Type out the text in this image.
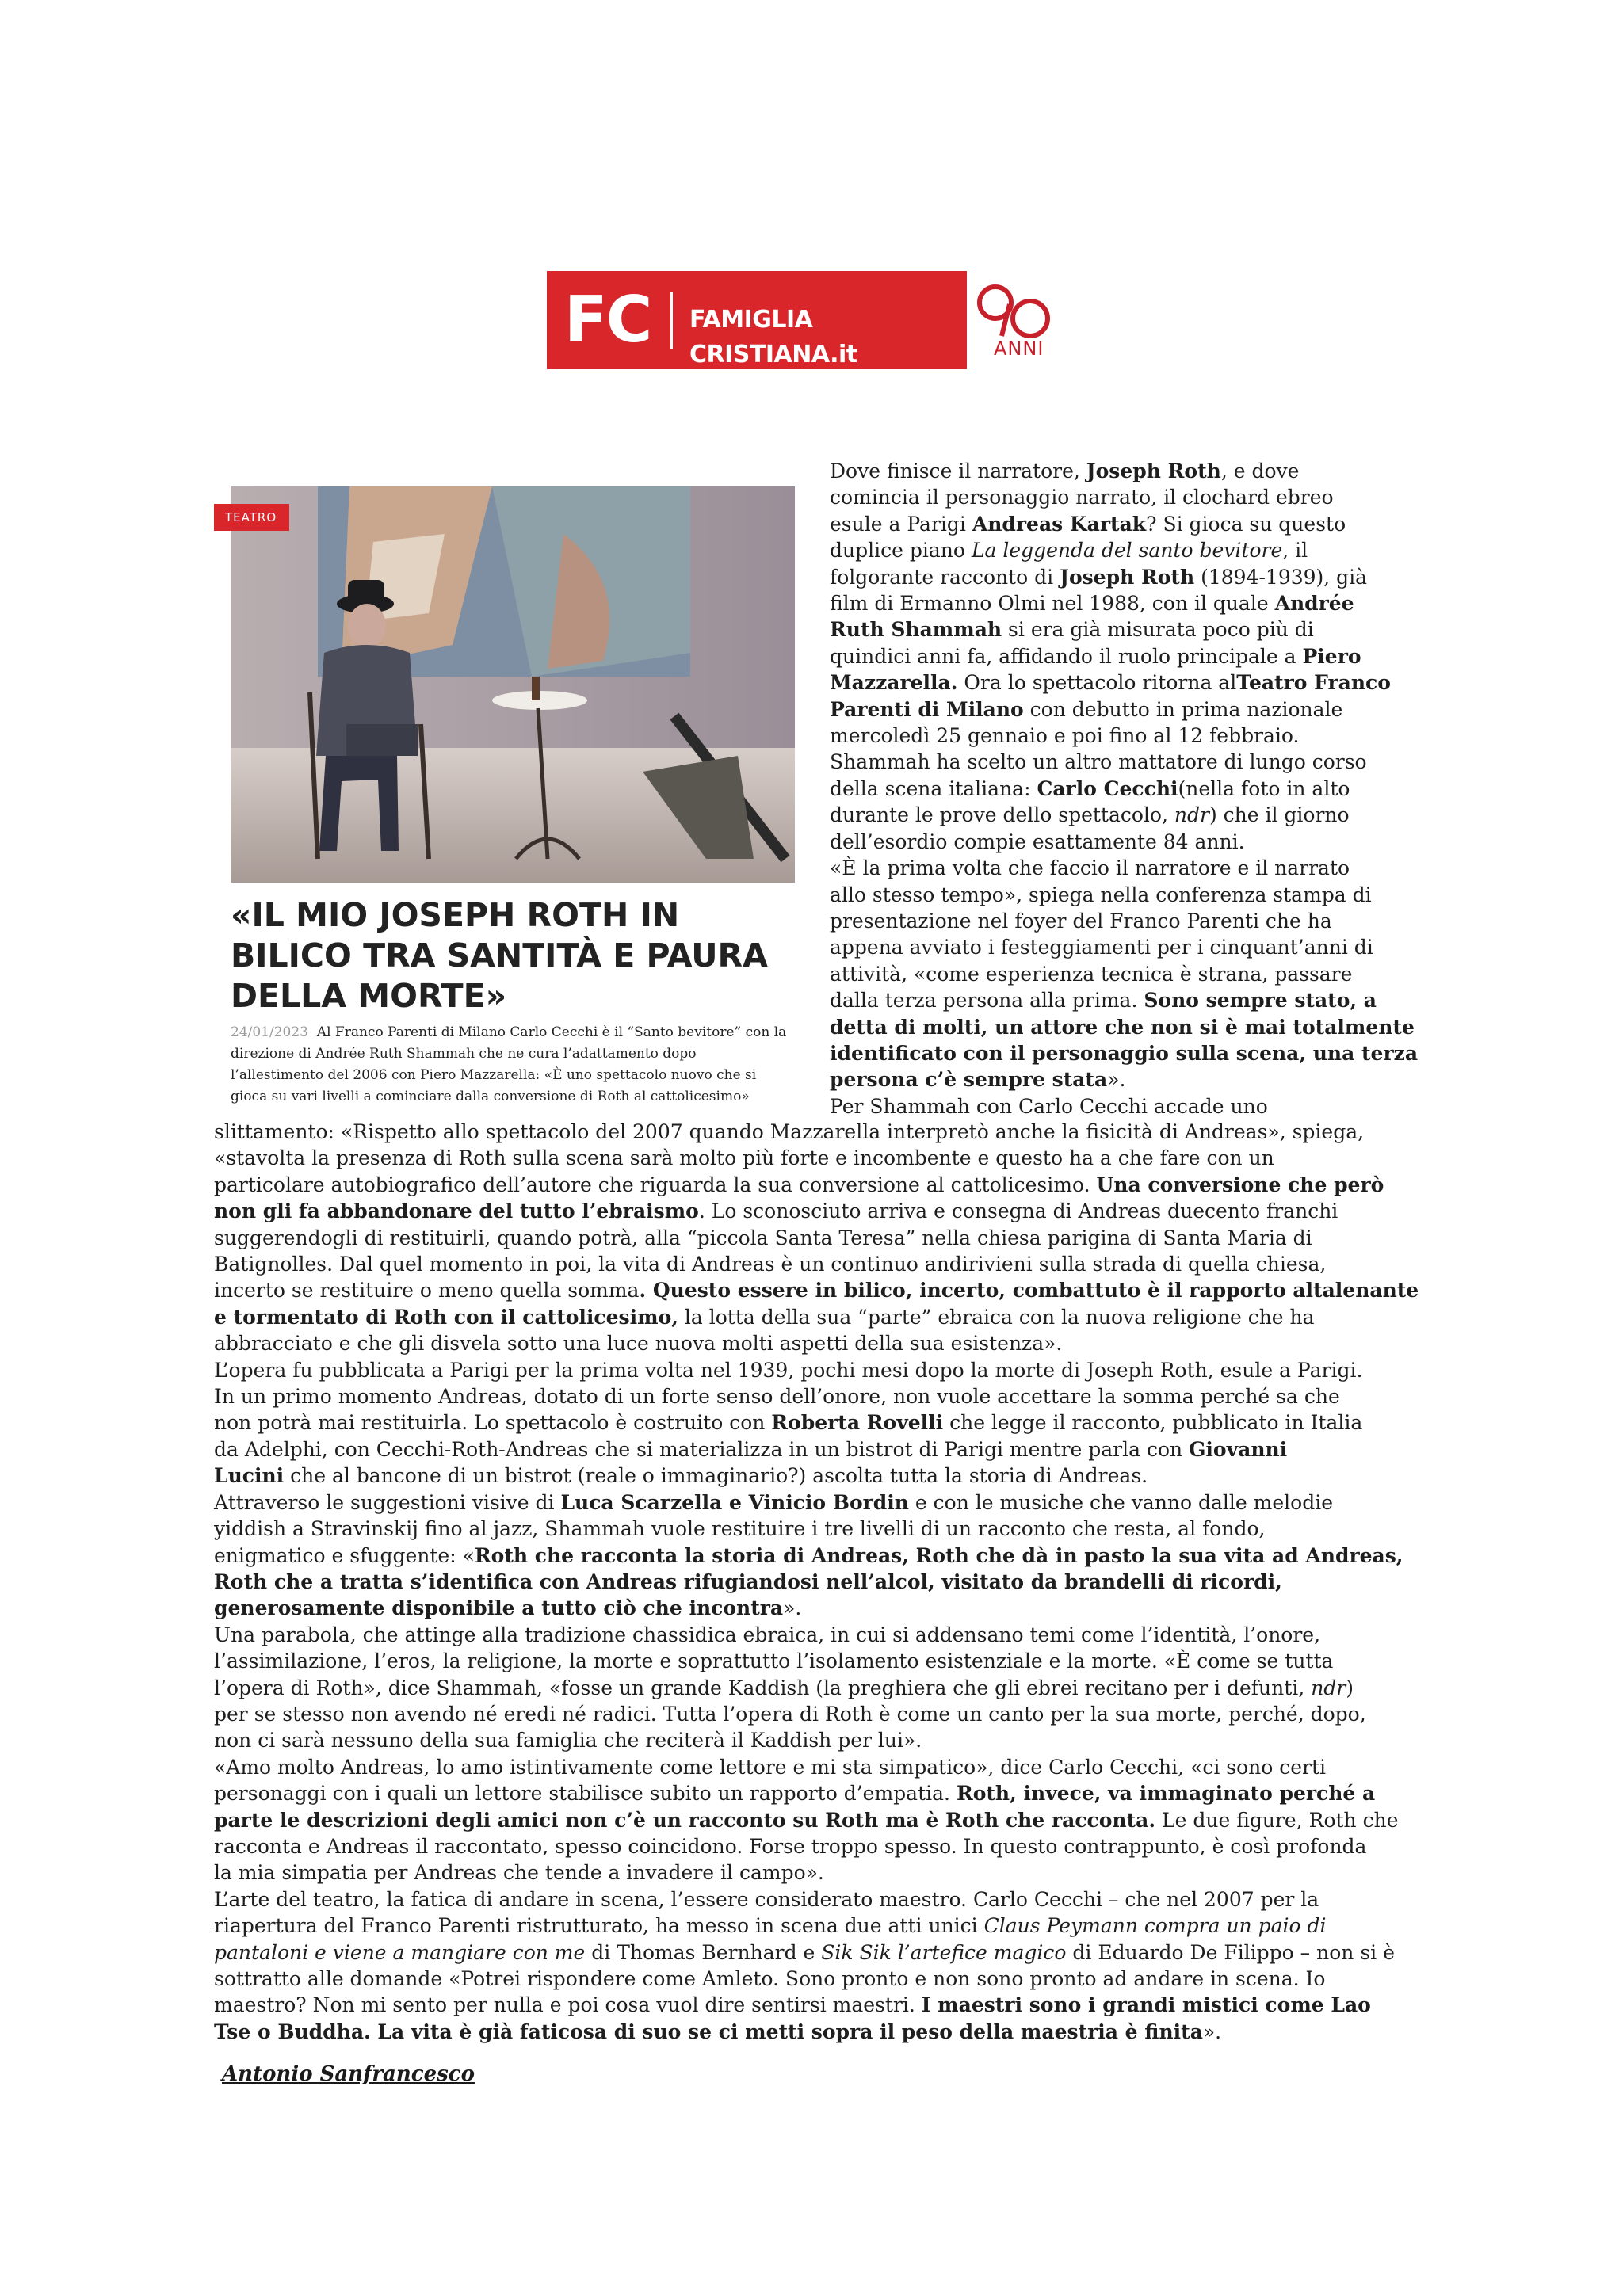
FC FAMIGLIA CRISTIANA.it	ANNI
TEATRO
«IL MIO JOSEPH ROTH IN
BILICO TRA SANTITÀ E PAURA
DELLA MORTE»
24/01/2023 Al Franco Parenti di Milano Carlo Cecchi è il “Santo bevitore” con la
direzione di Andrée Ruth Shammah che ne cura l’adattamento dopo
l’allestimento del 2006 con Piero Mazzarella: «È uno spettacolo nuovo che si
gioca su vari livelli a cominciare dalla conversione di Roth al cattolicesimo»
Dove finisce il narratore, Joseph Roth, e dove
comincia il personaggio narrato, il clochard ebreo
esule a Parigi Andreas Kartak? Si gioca su questo
duplice piano La leggenda del santo bevitore, il
folgorante racconto di Joseph Roth (1894-1939), già
film di Ermanno Olmi nel 1988, con il quale Andrée
Ruth Shammah si era già misurata poco più di
quindici anni fa, affidando il ruolo principale a Piero
Mazzarella. Ora lo spettacolo ritorna alTeatro Franco
Parenti di Milano con debutto in prima nazionale
mercoledì 25 gennaio e poi fino al 12 febbraio.
Shammah ha scelto un altro mattatore di lungo corso
della scena italiana: Carlo Cecchi(nella foto in alto
durante le prove dello spettacolo, ndr) che il giorno
dell’esordio compie esattamente 84 anni.
«È la prima volta che faccio il narratore e il narrato
allo stesso tempo», spiega nella conferenza stampa di
presentazione nel foyer del Franco Parenti che ha
appena avviato i festeggiamenti per i cinquant’anni di
attività, «come esperienza tecnica è strana, passare
dalla terza persona alla prima. Sono sempre stato, a
detta di molti, un attore che non si è mai totalmente
identificato con il personaggio sulla scena, una terza
persona c’è sempre stata».
Per Shammah con Carlo Cecchi accade uno
slittamento: «Rispetto allo spettacolo del 2007 quando Mazzarella interpretò anche la fisicità di Andreas», spiega,
«stavolta la presenza di Roth sulla scena sarà molto più forte e incombente e questo ha a che fare con un
particolare autobiografico dell’autore che riguarda la sua conversione al cattolicesimo. Una conversione che però
non gli fa abbandonare del tutto l’ebraismo. Lo sconosciuto arriva e consegna di Andreas duecento franchi
suggerendogli di restituirli, quando potrà, alla “piccola Santa Teresa” nella chiesa parigina di Santa Maria di
Batignolles. Dal quel momento in poi, la vita di Andreas è un continuo andirivieni sulla strada di quella chiesa,
incerto se restituire o meno quella somma. Questo essere in bilico, incerto, combattuto è il rapporto altalenante
e tormentato di Roth con il cattolicesimo, la lotta della sua “parte” ebraica con la nuova religione che ha
abbracciato e che gli disvela sotto una luce nuova molti aspetti della sua esistenza».
L’opera fu pubblicata a Parigi per la prima volta nel 1939, pochi mesi dopo la morte di Joseph Roth, esule a Parigi.
In un primo momento Andreas, dotato di un forte senso dell’onore, non vuole accettare la somma perché sa che
non potrà mai restituirla. Lo spettacolo è costruito con Roberta Rovelli che legge il racconto, pubblicato in Italia
da Adelphi, con Cecchi-Roth-Andreas che si materializza in un bistrot di Parigi mentre parla con Giovanni
Lucini che al bancone di un bistrot (reale o immaginario?) ascolta tutta la storia di Andreas.
Attraverso le suggestioni visive di Luca Scarzella e Vinicio Bordin e con le musiche che vanno dalle melodie
yiddish a Stravinskij fino al jazz, Shammah vuole restituire i tre livelli di un racconto che resta, al fondo,
enigmatico e sfuggente: «Roth che racconta la storia di Andreas, Roth che dà in pasto la sua vita ad Andreas,
Roth che a tratta s’identifica con Andreas rifugiandosi nell’alcol, visitato da brandelli di ricordi,
generosamente disponibile a tutto ciò che incontra».
Una parabola, che attinge alla tradizione chassidica ebraica, in cui si addensano temi come l’identità, l’onore,
l’assimilazione, l’eros, la religione, la morte e soprattutto l’isolamento esistenziale e la morte. «È come se tutta
l’opera di Roth», dice Shammah, «fosse un grande Kaddish (la preghiera che gli ebrei recitano per i defunti, ndr)
per se stesso non avendo né eredi né radici. Tutta l’opera di Roth è come un canto per la sua morte, perché, dopo,
non ci sarà nessuno della sua famiglia che reciterà il Kaddish per lui».
«Amo molto Andreas, lo amo istintivamente come lettore e mi sta simpatico», dice Carlo Cecchi, «ci sono certi
personaggi con i quali un lettore stabilisce subito un rapporto d’empatia. Roth, invece, va immaginato perché a
parte le descrizioni degli amici non c’è un racconto su Roth ma è Roth che racconta. Le due figure, Roth che
racconta e Andreas il raccontato, spesso coincidono. Forse troppo spesso. In questo contrappunto, è così profonda
la mia simpatia per Andreas che tende a invadere il campo».
L’arte del teatro, la fatica di andare in scena, l’essere considerato maestro. Carlo Cecchi – che nel 2007 per la
riapertura del Franco Parenti ristrutturato, ha messo in scena due atti unici Claus Peymann compra un paio di
pantaloni e viene a mangiare con me di Thomas Bernhard e Sik Sik l’artefice magico di Eduardo De Filippo – non si è
sottratto alle domande «Potrei rispondere come Amleto. Sono pronto e non sono pronto ad andare in scena. Io
maestro? Non mi sento per nulla e poi cosa vuol dire sentirsi maestri. I maestri sono i grandi mistici come Lao
Tse o Buddha. La vita è già faticosa di suo se ci metti sopra il peso della maestria è finita».
Antonio Sanfrancesco
